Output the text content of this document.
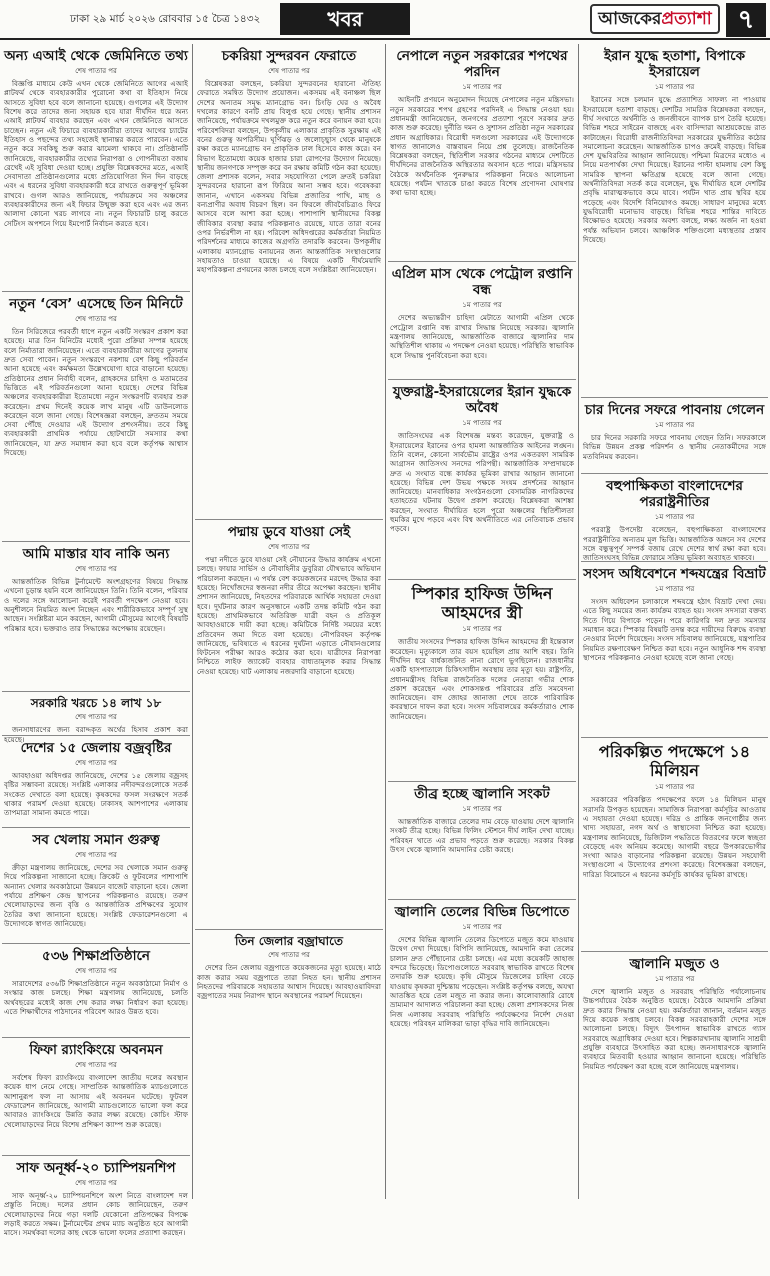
ঢাকা ২৯ মার্চ ২০২৬ রোববার ১৫ চৈত্র ১৪৩২	খবর	আজকেরপ্রত্যাশা ৭
অন্য এআই থেকে জেমিনিতে তথ্য
শেষ পাতার পর

বিজ্ঞপ্তি মাধ্যমে কেউ এখন থেকে জেমিনিতে আগের এআই প্লাটফর্ম থেকে ব্যবহারকারীর পুরোনো কথা বা ইতিহাস নিয়ে আসতে সুবিধা হবে বলে জানানো হয়েছে। গুগলের এই উদ্যোগ বিশেষ করে তাদের জন্য সহায়ক হবে যারা দীর্ঘদিন ধরে অন্য এআই প্লাটফর্ম ব্যবহার করছেন এবং এখন জেমিনিতে আসতে চাচ্ছেন। নতুন এই ফিচারে ব্যবহারকারীরা তাদের আগের চ্যাটের ইতিহাস ও পছন্দের তথ্য সহজেই স্থানান্তর করতে পারবেন। এতে নতুন করে সবকিছু শুরু করার ঝামেলা থাকবে না। প্রতিষ্ঠানটি জানিয়েছে, ব্যবহারকারীর তথ্যের নিরাপত্তা ও গোপনীয়তা বজায় রেখেই এই সুবিধা দেওয়া হচ্ছে। প্রযুক্তি বিশ্লেষকদের মতে, এআই সেবাদাতা প্রতিষ্ঠানগুলোর মধ্যে প্রতিযোগিতা দিন দিন বাড়ছে এবং এ ধরনের সুবিধা ব্যবহারকারী ধরে রাখতে গুরুত্বপূর্ণ ভূমিকা রাখবে। গুগল আরও জানিয়েছে, পর্যায়ক্রমে সব অঞ্চলের ব্যবহারকারীদের জন্য এই ফিচার উন্মুক্ত করা হবে এবং এর জন্য আলাদা কোনো খরচ লাগবে না। নতুন ফিচারটি চালু করতে সেটিংস অপশনে গিয়ে ইমপোর্ট নির্বাচন করতে হবে।

নতুন ‘বেস’ এসেছে তিন মিনিটে
শেষ পাতার পর

তিন সিরিজেরে পরবর্তী ধাপে নতুন একটি সংস্করণ প্রকাশ করা হয়েছে। মাত্র তিন মিনিটের মধ্যেই পুরো প্রক্রিয়া সম্পন্ন হয়েছে বলে নির্মাতারা জানিয়েছেন। এতে ব্যবহারকারীরা আগের তুলনায় দ্রুত সেবা পাবেন। নতুন সংস্করণে নকশায় বেশ কিছু পরিবর্তন আনা হয়েছে এবং কর্মক্ষমতা উল্লেখযোগ্য হারে বাড়ানো হয়েছে। প্রতিষ্ঠানের প্রধান নির্বাহী বলেন, গ্রাহকদের চাহিদা ও মতামতের ভিত্তিতে এই পরিবর্তনগুলো আনা হয়েছে। দেশের বিভিন্ন অঞ্চলের ব্যবহারকারীরা ইতোমধ্যে নতুন সংস্করণটি ব্যবহার শুরু করেছেন। প্রথম দিনেই কয়েক লাখ মানুষ এটি ডাউনলোড করেছেন বলে জানা গেছে। বিশেষজ্ঞরা বলছেন, দ্রুততম সময়ে সেবা পৌঁছে দেওয়ার এই উদ্যোগ প্রশংসনীয়। তবে কিছু ব্যবহারকারী প্রাথমিক পর্যায়ে ছোটখাটো সমস্যার কথা জানিয়েছেন, যা দ্রুত সমাধান করা হবে বলে কর্তৃপক্ষ আশ্বাস দিয়েছে।

আমি মাস্তার যাব নাকি অন্য
শেষ পাতার পর

আন্তর্জাতিক বিভিন্ন টুর্নামেন্টে অংশগ্রহণের বিষয়ে সিদ্ধান্ত এখনো চূড়ান্ত হয়নি বলে জানিয়েছেন তিনি। তিনি বলেন, পরিবার ও দলের সঙ্গে আলোচনা করেই পরবর্তী পদক্ষেপ নেওয়া হবে। অনুশীলনে নিয়মিত অংশ নিচ্ছেন এবং শারীরিকভাবে সম্পূর্ণ সুস্থ আছেন। সংশ্লিষ্টরা মনে করছেন, আগামী মৌসুমের আগেই বিষয়টি পরিষ্কার হবে। ভক্তরাও তার সিদ্ধান্তের অপেক্ষায় রয়েছেন।

সরকারি খরচে ১৪ লাখ ১৮
শেষ পাতার পর

জনসাধারণের জন্য বরাদ্দকৃত অর্থের হিসাব প্রকাশ করা হয়েছে।

দেশের ১৫ জেলায় বজ্রবৃষ্টির
শেষ পাতার পর

আবহাওয়া অধিদপ্তর জানিয়েছে, দেশের ১৫ জেলায় বজ্রসহ বৃষ্টির সম্ভাবনা রয়েছে। সংশ্লিষ্ট এলাকার নদীবন্দরগুলোকে সতর্ক সংকেত দেখাতে বলা হয়েছে। কৃষকদের ফসল সংরক্ষণে সতর্ক থাকার পরামর্শ দেওয়া হয়েছে। ঢাকাসহ আশপাশের এলাকায় তাপমাত্রা সামান্য কমতে পারে।

সব খেলায় সমান গুরুত্ব
শেষ পাতার পর

ক্রীড়া মন্ত্রণালয় জানিয়েছে, দেশের সব খেলাকে সমান গুরুত্ব দিয়ে পরিকল্পনা সাজানো হচ্ছে। ক্রিকেট ও ফুটবলের পাশাপাশি অন্যান্য খেলার অবকাঠামো উন্নয়নে বাজেট বাড়ানো হবে। জেলা পর্যায়ে প্রশিক্ষণ কেন্দ্র স্থাপনের পরিকল্পনাও রয়েছে। তরুণ খেলোয়াড়দের জন্য বৃত্তি ও আন্তর্জাতিক প্রশিক্ষণের সুযোগ তৈরির কথা জানানো হয়েছে। সংশ্লিষ্ট ফেডারেশনগুলো এ উদ্যোগকে স্বাগত জানিয়েছে।

৫৩৬ শিক্ষাপ্রতিষ্ঠানে
শেষ পাতার পর

সারাদেশের ৫৩৬টি শিক্ষাপ্রতিষ্ঠানে নতুন অবকাঠামো নির্মাণ ও সংস্কার কাজ চলছে। শিক্ষা মন্ত্রণালয় জানিয়েছে, চলতি অর্থবছরের মধ্যেই কাজ শেষ করার লক্ষ্য নির্ধারণ করা হয়েছে। এতে শিক্ষার্থীদের পাঠদানের পরিবেশ আরও উন্নত হবে।

ফিফা র‍্যাংকিংয়ে অবনমন
শেষ পাতার পর

সর্বশেষ ফিফা র‍্যাংকিংয়ে বাংলাদেশ জাতীয় দলের অবস্থান কয়েক ধাপ নেমে গেছে। সাম্প্রতিক আন্তর্জাতিক ম্যাচগুলোতে আশানুরূপ ফল না আসায় এই অবনমন ঘটেছে। ফুটবল ফেডারেশন জানিয়েছে, আগামী ম্যাচগুলোতে ভালো ফল করে আবারও র‍্যাংকিংয়ে উন্নতি করার লক্ষ্য রয়েছে। কোচিং স্টাফ খেলোয়াড়দের নিয়ে বিশেষ প্রশিক্ষণ ক্যাম্প শুরু করেছে।

সাফ অনূর্ধ্ব-২০ চ্যাম্পিয়নশিপ
শেষ পাতার পর

সাফ অনূর্ধ্ব-২০ চ্যাম্পিয়নশিপে অংশ নিতে বাংলাদেশ দল প্রস্তুতি নিচ্ছে। দলের প্রধান কোচ জানিয়েছেন, তরুণ খেলোয়াড়দের নিয়ে গড়া দলটি যেকোনো প্রতিপক্ষের বিপক্ষে লড়াই করতে সক্ষম। টুর্নামেন্টের প্রথম ম্যাচ অনুষ্ঠিত হবে আগামী মাসে। সমর্থকরা দলের কাছ থেকে ভালো ফলের প্রত্যাশা করছেন।

চকরিয়া সুন্দরবন ফেরাতে
শেষ পাতার পর

বিশ্লেষকরা বলছেন, চকরিয়া সুন্দরবনের হারানো ঐতিহ্য ফেরাতে সমন্বিত উদ্যোগ প্রয়োজন। একসময় এই বনাঞ্চল ছিল দেশের অন্যতম সমৃদ্ধ ম্যানগ্রোভ বন। চিংড়ি ঘের ও অবৈধ দখলের কারণে বনটি প্রায় বিলুপ্ত হয়ে গেছে। স্থানীয় প্রশাসন জানিয়েছে, পর্যায়ক্রমে দখলমুক্ত করে নতুন করে বনায়ন করা হবে। পরিবেশবিদরা বলছেন, উপকূলীয় এলাকার প্রাকৃতিক সুরক্ষায় এই বনের গুরুত্ব অপরিসীম। ঘূর্ণিঝড় ও জলোচ্ছ্বাস থেকে মানুষকে রক্ষা করতে ম্যানগ্রোভ বন প্রাকৃতিক ঢাল হিসেবে কাজ করে। বন বিভাগ ইতোমধ্যে কয়েক হাজার চারা রোপণের উদ্যোগ নিয়েছে। স্থানীয় জনগণকে সম্পৃক্ত করে বন রক্ষায় কমিটি গঠন করা হয়েছে। জেলা প্রশাসক বলেন, সবার সহযোগিতা পেলে দ্রুতই চকরিয়া সুন্দরবনের হারানো রূপ ফিরিয়ে আনা সম্ভব হবে। গবেষকরা জানান, এখানে একসময় বিভিন্ন প্রজাতির পাখি, মাছ ও বন্যপ্রাণীর অবাধ বিচরণ ছিল। বন ফিরলে জীববৈচিত্র্যও ফিরে আসবে বলে আশা করা হচ্ছে। পাশাপাশি স্থানীয়দের বিকল্প জীবিকার ব্যবস্থা করার পরিকল্পনাও রয়েছে, যাতে তারা বনের ওপর নির্ভরশীল না হয়। পরিবেশ অধিদপ্তরের কর্মকর্তারা নিয়মিত পরিদর্শনের মাধ্যমে কাজের অগ্রগতি তদারকি করবেন। উপকূলীয় এলাকায় ম্যানগ্রোভ বনায়নের জন্য আন্তর্জাতিক সংস্থাগুলোর সহায়তাও চাওয়া হয়েছে। এ বিষয়ে একটি দীর্ঘমেয়াদি মহাপরিকল্পনা প্রণয়নের কাজ চলছে বলে সংশ্লিষ্টরা জানিয়েছেন।

পদ্মায় ডুবে যাওয়া সেই
শেষ পাতার পর

পদ্মা নদীতে ডুবে যাওয়া সেই নৌযানের উদ্ধার কার্যক্রম এখনো চলছে। ফায়ার সার্ভিস ও নৌবাহিনীর ডুবুরিরা যৌথভাবে অভিযান পরিচালনা করছেন। এ পর্যন্ত বেশ কয়েকজনের মরদেহ উদ্ধার করা হয়েছে। নিখোঁজদের স্বজনরা নদীর তীরে অপেক্ষা করছেন। স্থানীয় প্রশাসন জানিয়েছে, নিহতদের পরিবারকে আর্থিক সহায়তা দেওয়া হবে। দুর্ঘটনার কারণ অনুসন্ধানে একটি তদন্ত কমিটি গঠন করা হয়েছে। প্রাথমিকভাবে অতিরিক্ত যাত্রী বহন ও প্রতিকূল আবহাওয়াকে দায়ী করা হচ্ছে। কমিটিকে নির্দিষ্ট সময়ের মধ্যে প্রতিবেদন জমা দিতে বলা হয়েছে। নৌপরিবহন কর্তৃপক্ষ জানিয়েছে, ভবিষ্যতে এ ধরনের দুর্ঘটনা এড়াতে নৌযানগুলোর ফিটনেস পরীক্ষা আরও কঠোর করা হবে। যাত্রীদের নিরাপত্তা নিশ্চিতে লাইফ জ্যাকেট ব্যবহার বাধ্যতামূলক করার সিদ্ধান্ত নেওয়া হয়েছে। ঘাট এলাকায় নজরদারি বাড়ানো হয়েছে।

তিন জেলার বজ্রাঘাতে
শেষ পাতার পর

দেশের তিন জেলায় বজ্রপাতে কয়েকজনের মৃত্যু হয়েছে। মাঠে কাজ করার সময় বজ্রপাতে তারা নিহত হন। স্থানীয় প্রশাসন নিহতদের পরিবারকে সহায়তার আশ্বাস দিয়েছে। আবহাওয়াবিদরা বজ্রপাতের সময় নিরাপদ স্থানে অবস্থানের পরামর্শ দিয়েছেন।

নেপালে নতুন সরকারের শপথের পরদিন
১ম পাতার পর

আইনটি প্রণয়নে অনুমোদন দিয়েছে নেপালের নতুন মন্ত্রিসভা। নতুন সরকারের শপথ গ্রহণের পরদিনই এ সিদ্ধান্ত নেওয়া হয়। প্রধানমন্ত্রী জানিয়েছেন, জনগণের প্রত্যাশা পূরণে সরকার দ্রুত কাজ শুরু করেছে। দুর্নীতি দমন ও সুশাসন প্রতিষ্ঠা নতুন সরকারের প্রধান অগ্রাধিকার। বিরোধী দলগুলো সরকারের এই উদ্যোগকে স্বাগত জানালেও বাস্তবায়ন নিয়ে প্রশ্ন তুলেছে। রাজনৈতিক বিশ্লেষকরা বলছেন, স্থিতিশীল সরকার গঠনের মাধ্যমে দেশটিতে দীর্ঘদিনের রাজনৈতিক অস্থিরতার অবসান হতে পারে। মন্ত্রিসভার বৈঠকে অর্থনৈতিক পুনরুদ্ধার পরিকল্পনা নিয়েও আলোচনা হয়েছে। পর্যটন খাতকে চাঙা করতে বিশেষ প্রণোদনা ঘোষণার কথা ভাবা হচ্ছে।

এপ্রিল মাস থেকে পেট্রোল রপ্তানি বন্ধ
১ম পাতার পর

দেশের অভ্যন্তরীণ চাহিদা মেটাতে আগামী এপ্রিল থেকে পেট্রোল রপ্তানি বন্ধ রাখার সিদ্ধান্ত নিয়েছে সরকার। জ্বালানি মন্ত্রণালয় জানিয়েছে, আন্তর্জাতিক বাজারে জ্বালানির দাম অস্থিতিশীল থাকায় এ পদক্ষেপ নেওয়া হয়েছে। পরিস্থিতি স্বাভাবিক হলে সিদ্ধান্ত পুনর্বিবেচনা করা হবে।

যুক্তরাষ্ট্র-ইসরায়েলের ইরান যুদ্ধকে অবৈধ
১ম পাতার পর

জাতিসংঘের এক বিশেষজ্ঞ মন্তব্য করেছেন, যুক্তরাষ্ট্র ও ইসরায়েলের ইরানের ওপর হামলা আন্তর্জাতিক আইনের লঙ্ঘন। তিনি বলেন, কোনো সার্বভৌম রাষ্ট্রের ওপর একতরফা সামরিক আগ্রাসন জাতিসংঘ সনদের পরিপন্থী। আন্তর্জাতিক সম্প্রদায়কে দ্রুত এ সংঘাত বন্ধে কার্যকর ভূমিকা রাখার আহ্বান জানানো হয়েছে। বিভিন্ন দেশ উভয় পক্ষকে সংযম প্রদর্শনের আহ্বান জানিয়েছে। মানবাধিকার সংগঠনগুলো বেসামরিক নাগরিকদের হতাহতের ঘটনায় উদ্বেগ প্রকাশ করেছে। বিশ্লেষকরা আশঙ্কা করছেন, সংঘাত দীর্ঘায়িত হলে পুরো অঞ্চলের স্থিতিশীলতা হুমকির মুখে পড়বে এবং বিশ্ব অর্থনীতিতে এর নেতিবাচক প্রভাব পড়বে।

স্পিকার হাফিজ উদ্দিন আহমদের স্ত্রী
১ম পাতার পর

জাতীয় সংসদের স্পিকার হাফিজ উদ্দিন আহমদের স্ত্রী ইন্তেকাল করেছেন। মৃত্যুকালে তার বয়স হয়েছিল প্রায় আশি বছর। তিনি দীর্ঘদিন ধরে বার্ধক্যজনিত নানা রোগে ভুগছিলেন। রাজধানীর একটি হাসপাতালে চিকিৎসাধীন অবস্থায় তার মৃত্যু হয়। রাষ্ট্রপতি, প্রধানমন্ত্রীসহ বিভিন্ন রাজনৈতিক দলের নেতারা গভীর শোক প্রকাশ করেছেন এবং শোকসন্তপ্ত পরিবারের প্রতি সমবেদনা জানিয়েছেন। বাদ জোহর জানাজা শেষে তাকে পারিবারিক কবরস্থানে দাফন করা হবে। সংসদ সচিবালয়ের কর্মকর্তারাও শোক জানিয়েছেন।

তীব্র হচ্ছে জ্বালানি সংকট
১ম পাতার পর

আন্তর্জাতিক বাজারে তেলের দাম বেড়ে যাওয়ায় দেশে জ্বালানি সংকট তীব্র হচ্ছে। বিভিন্ন ফিলিং স্টেশনে দীর্ঘ লাইন দেখা যাচ্ছে। পরিবহন খাতে এর প্রভাব পড়তে শুরু করেছে। সরকার বিকল্প উৎস থেকে জ্বালানি আমদানির চেষ্টা করছে।

জ্বালানি তেলের বিভিন্ন ডিপোতে
১ম পাতার পর

দেশের বিভিন্ন জ্বালানি তেলের ডিপোতে মজুত কমে যাওয়ায় উদ্বেগ দেখা দিয়েছে। বিপিসি জানিয়েছে, আমদানি করা তেলের চালান দ্রুত পৌঁছানোর চেষ্টা চলছে। এর মধ্যে কয়েকটি জাহাজ বন্দরে ভিড়েছে। ডিপোগুলোতে সরবরাহ স্বাভাবিক রাখতে বিশেষ তদারকি শুরু হয়েছে। কৃষি মৌসুমে ডিজেলের চাহিদা বেড়ে যাওয়ায় কৃষকরা দুশ্চিন্তায় পড়েছেন। সংশ্লিষ্ট কর্তৃপক্ষ বলছে, অযথা আতঙ্কিত হয়ে তেল মজুত না করার জন্য। কালোবাজারি রোধে ভ্রাম্যমাণ আদালত পরিচালনা করা হচ্ছে। জেলা প্রশাসকদের নিজ নিজ এলাকায় সরবরাহ পরিস্থিতি পর্যবেক্ষণের নির্দেশ দেওয়া হয়েছে। পরিবহন মালিকরা ভাড়া বৃদ্ধির দাবি জানিয়েছেন।

ইরান যুদ্ধে হতাশা, বিপাকে ইসরায়েল
১ম পাতার পর

ইরানের সঙ্গে চলমান যুদ্ধে প্রত্যাশিত সাফল্য না পাওয়ায় ইসরায়েলে হতাশা বাড়ছে। দেশটির সামরিক বিশ্লেষকরা বলছেন, দীর্ঘ সংঘাতে অর্থনীতি ও জনজীবনে ব্যাপক চাপ তৈরি হয়েছে। বিভিন্ন শহরে সাইরেন বাজছে এবং বাসিন্দারা আশ্রয়কেন্দ্রে রাত কাটাচ্ছেন। বিরোধী রাজনীতিবিদরা সরকারের যুদ্ধনীতির কঠোর সমালোচনা করেছেন। আন্তর্জাতিক চাপও ক্রমেই বাড়ছে। বিভিন্ন দেশ যুদ্ধবিরতির আহ্বান জানিয়েছে। পশ্চিমা মিত্রদের মধ্যেও এ নিয়ে মতপার্থক্য দেখা দিয়েছে। ইরানের পাল্টা হামলায় বেশ কিছু সামরিক স্থাপনা ক্ষতিগ্রস্ত হয়েছে বলে জানা গেছে। অর্থনীতিবিদরা সতর্ক করে বলেছেন, যুদ্ধ দীর্ঘায়িত হলে দেশটির প্রবৃদ্ধি মারাত্মকভাবে কমে যাবে। পর্যটন খাত প্রায় স্থবির হয়ে পড়েছে এবং বিদেশি বিনিয়োগও কমছে। সাধারণ মানুষের মধ্যে যুদ্ধবিরোধী মনোভাব বাড়ছে। বিভিন্ন শহরে শান্তির দাবিতে বিক্ষোভও হয়েছে। সরকার অবশ্য বলছে, লক্ষ্য অর্জন না হওয়া পর্যন্ত অভিযান চলবে। আঞ্চলিক শক্তিগুলো মধ্যস্থতার প্রস্তাব দিয়েছে।

চার দিনের সফরে পাবনায় গেলেন
১ম পাতার পর

চার দিনের সরকারি সফরে পাবনায় গেছেন তিনি। সফরকালে বিভিন্ন উন্নয়ন প্রকল্প পরিদর্শন ও স্থানীয় নেতাকর্মীদের সঙ্গে মতবিনিময় করবেন।

বহুপাক্ষিকতা বাংলাদেশের পররাষ্ট্রনীতির
১ম পাতার পর

পররাষ্ট্র উপদেষ্টা বলেছেন, বহুপাক্ষিকতা বাংলাদেশের পররাষ্ট্রনীতির অন্যতম মূল ভিত্তি। আন্তর্জাতিক অঙ্গনে সব দেশের সঙ্গে বন্ধুত্বপূর্ণ সম্পর্ক বজায় রেখে দেশের স্বার্থ রক্ষা করা হবে। জাতিসংঘসহ বিভিন্ন ফোরামে সক্রিয় ভূমিকা অব্যাহত থাকবে।

সংসদ অধিবেশনে শব্দযন্ত্রের বিভ্রাট
১ম পাতার পর

সংসদ অধিবেশন চলাকালে শব্দযন্ত্রে হঠাৎ বিভ্রাট দেখা দেয়। এতে কিছু সময়ের জন্য কার্যক্রম ব্যাহত হয়। সংসদ সদস্যরা বক্তব্য দিতে গিয়ে বিপাকে পড়েন। পরে কারিগরি দল দ্রুত সমস্যার সমাধান করে। স্পিকার বিষয়টি তদন্ত করে দায়ীদের বিরুদ্ধে ব্যবস্থা নেওয়ার নির্দেশ দিয়েছেন। সংসদ সচিবালয় জানিয়েছে, যন্ত্রপাতির নিয়মিত রক্ষণাবেক্ষণ নিশ্চিত করা হবে। নতুন আধুনিক শব্দ ব্যবস্থা স্থাপনের পরিকল্পনাও নেওয়া হয়েছে বলে জানা গেছে।

পরিকল্পিত পদক্ষেপে ১৪ মিলিয়ন
১ম পাতার পর

সরকারের পরিকল্পিত পদক্ষেপের ফলে ১৪ মিলিয়ন মানুষ সরাসরি উপকৃত হয়েছেন। সামাজিক নিরাপত্তা কর্মসূচির আওতায় এ সহায়তা দেওয়া হয়েছে। দরিদ্র ও প্রান্তিক জনগোষ্ঠীর জন্য খাদ্য সহায়তা, নগদ অর্থ ও স্বাস্থ্যসেবা নিশ্চিত করা হয়েছে। মন্ত্রণালয় জানিয়েছে, ডিজিটাল পদ্ধতিতে বিতরণের ফলে স্বচ্ছতা বেড়েছে এবং অনিয়ম কমেছে। আগামী বছরে উপকারভোগীর সংখ্যা আরও বাড়ানোর পরিকল্পনা রয়েছে। উন্নয়ন সহযোগী সংস্থাগুলো এ উদ্যোগের প্রশংসা করেছে। বিশেষজ্ঞরা বলছেন, দারিদ্র্য বিমোচনে এ ধরনের কর্মসূচি কার্যকর ভূমিকা রাখছে।

জ্বালানি মজুত ও
১ম পাতার পর

দেশে জ্বালানি মজুত ও সরবরাহ পরিস্থিতি পর্যালোচনায় উচ্চপর্যায়ের বৈঠক অনুষ্ঠিত হয়েছে। বৈঠকে আমদানি প্রক্রিয়া দ্রুত করার সিদ্ধান্ত নেওয়া হয়। কর্মকর্তারা জানান, বর্তমান মজুত দিয়ে কয়েক সপ্তাহ চলবে। বিকল্প সরবরাহকারী দেশের সঙ্গে আলোচনা চলছে। বিদ্যুৎ উৎপাদন স্বাভাবিক রাখতে গ্যাস সরবরাহে অগ্রাধিকার দেওয়া হবে। শিল্পকারখানায় জ্বালানি সাশ্রয়ী প্রযুক্তি ব্যবহারে উৎসাহিত করা হচ্ছে। জনসাধারণকে জ্বালানি ব্যবহারে মিতব্যয়ী হওয়ার আহ্বান জানানো হয়েছে। পরিস্থিতি নিয়মিত পর্যবেক্ষণ করা হচ্ছে বলে জানিয়েছে মন্ত্রণালয়।
